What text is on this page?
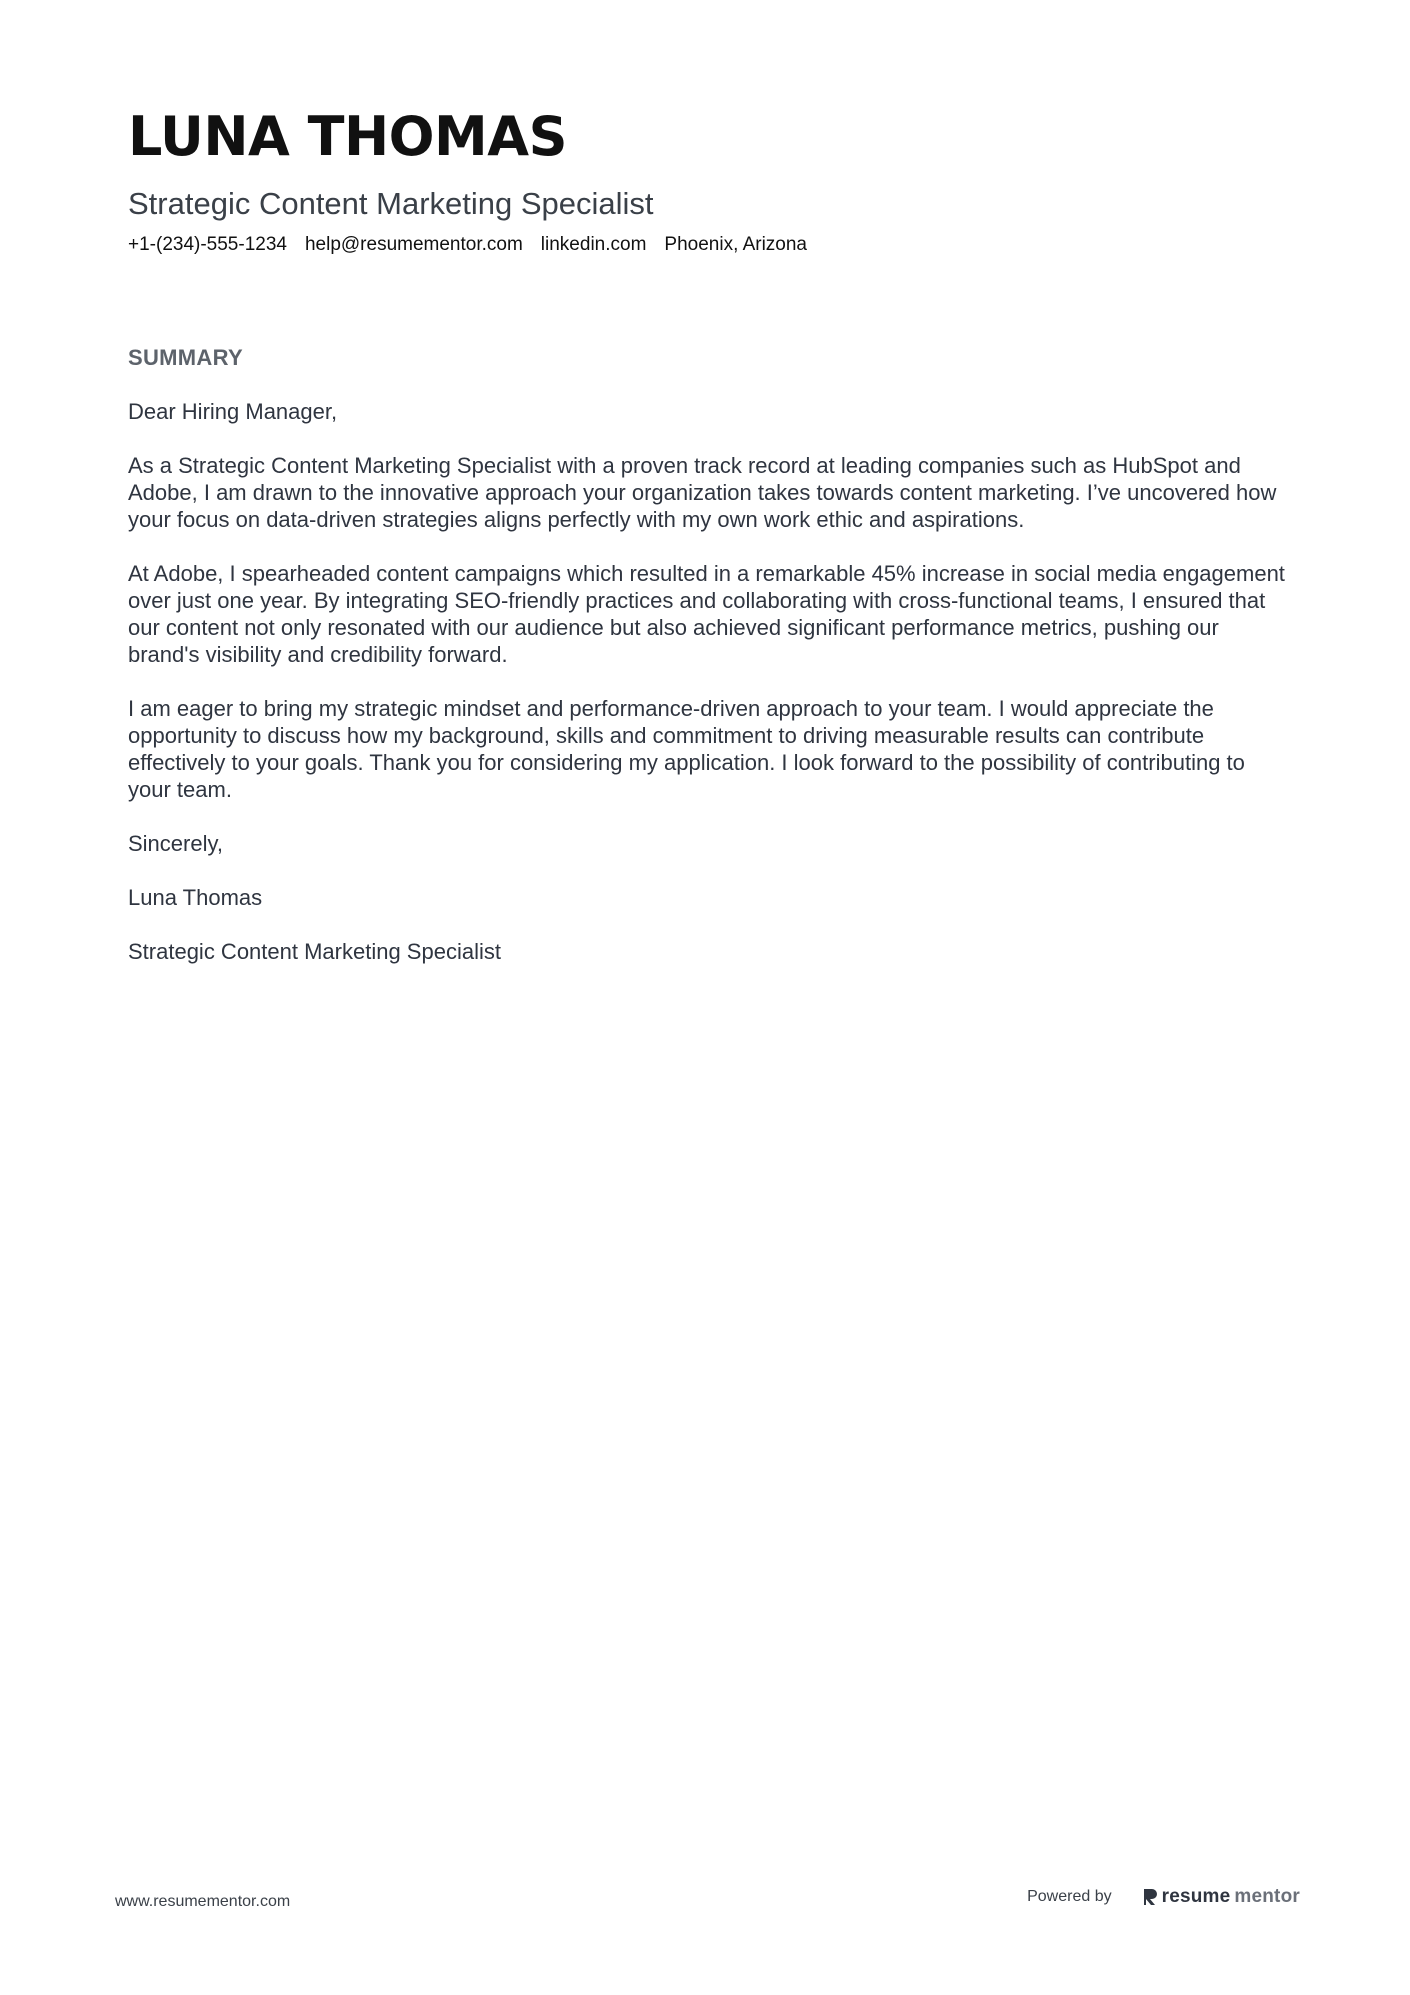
LUNA THOMAS
Strategic Content Marketing Specialist
+1-(234)-555-1234 help@resumementor.com linkedin.com Phoenix, Arizona
SUMMARY

Dear Hiring Manager,

As a Strategic Content Marketing Specialist with a proven track record at leading companies such as HubSpot and Adobe, I am drawn to the innovative approach your organization takes towards content marketing. I’ve uncovered how your focus on data-driven strategies aligns perfectly with my own work ethic and aspirations.

At Adobe, I spearheaded content campaigns which resulted in a remarkable 45% increase in social media engagement over just one year. By integrating SEO-friendly practices and collaborating with cross-functional teams, I ensured that our content not only resonated with our audience but also achieved significant performance metrics, pushing our brand's visibility and credibility forward.

I am eager to bring my strategic mindset and performance-driven approach to your team. I would appreciate the opportunity to discuss how my background, skills and commitment to driving measurable results can contribute effectively to your goals. Thank you for considering my application. I look forward to the possibility of contributing to your team.

Sincerely,

Luna Thomas

Strategic Content Marketing Specialist

www.resumementor.com	Powered by	resume mentor
